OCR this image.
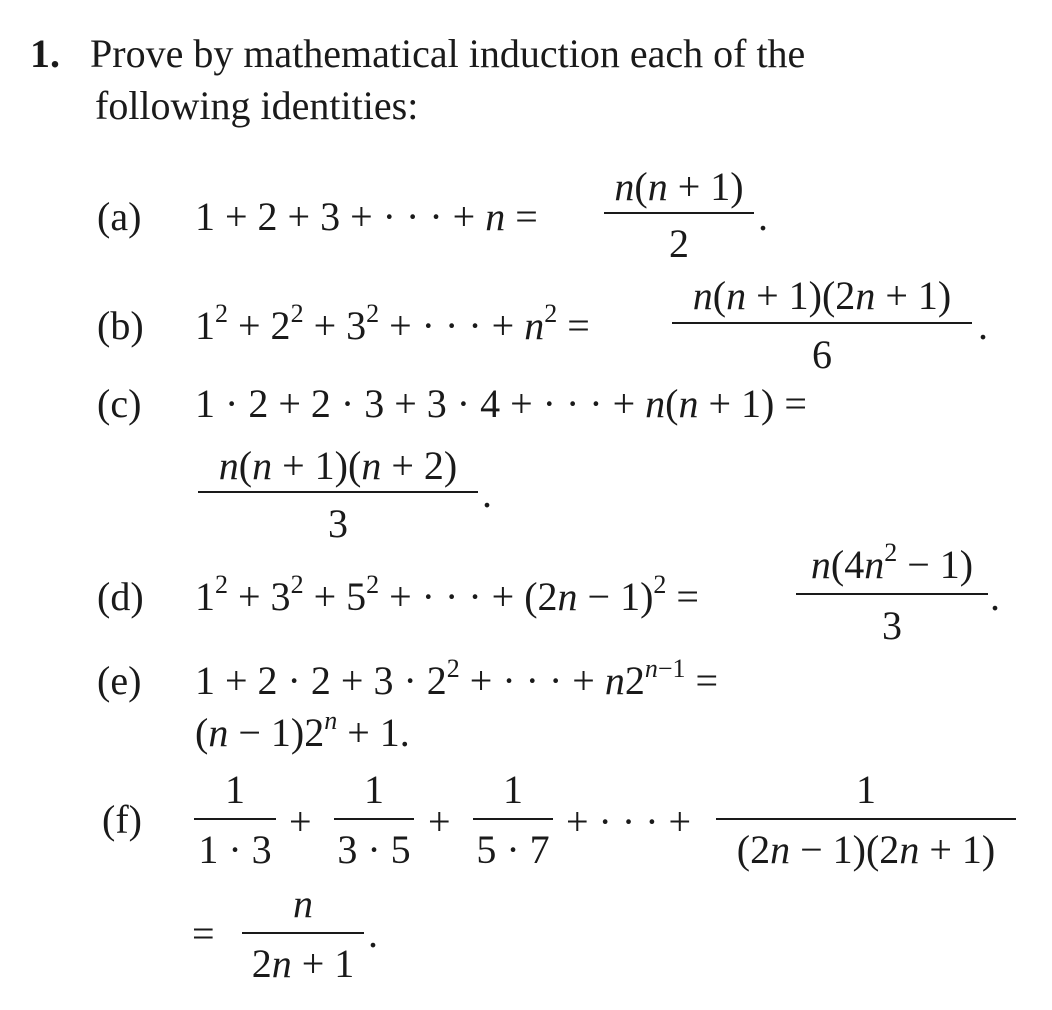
1. Prove by mathematical induction each of the
following identities:
(a) 1 + 2 + 3 + · · · + n =
n(n + 1)
2
.
(b) $1^2 + 2^2 + 3^2$ + · · · + $n^2$ =
n(n + 1)(2n + 1)
6
.
(c) 1 · 2 + 2 · 3 + 3 · 4 + · · · + n(n + 1) =
n(n + 1)(n + 2)
3
.
(d) $1^2 + 3^2 + 5^2$ + · · · + $(2n - 1)^2$ =
$n(4n^2 - 1)$
3
.
(e) $1 + 2 \cdot 2 + 3 \cdot 2^2$ + · · · + $n2^{n-1}$ =
$(n - 1)2^n + 1$.
(f)
1
1 · 3
+
1
3 · 5
+
1
5 · 7
+ · · · +
1
(2n − 1)(2n + 1)
=
n
2n + 1
.
